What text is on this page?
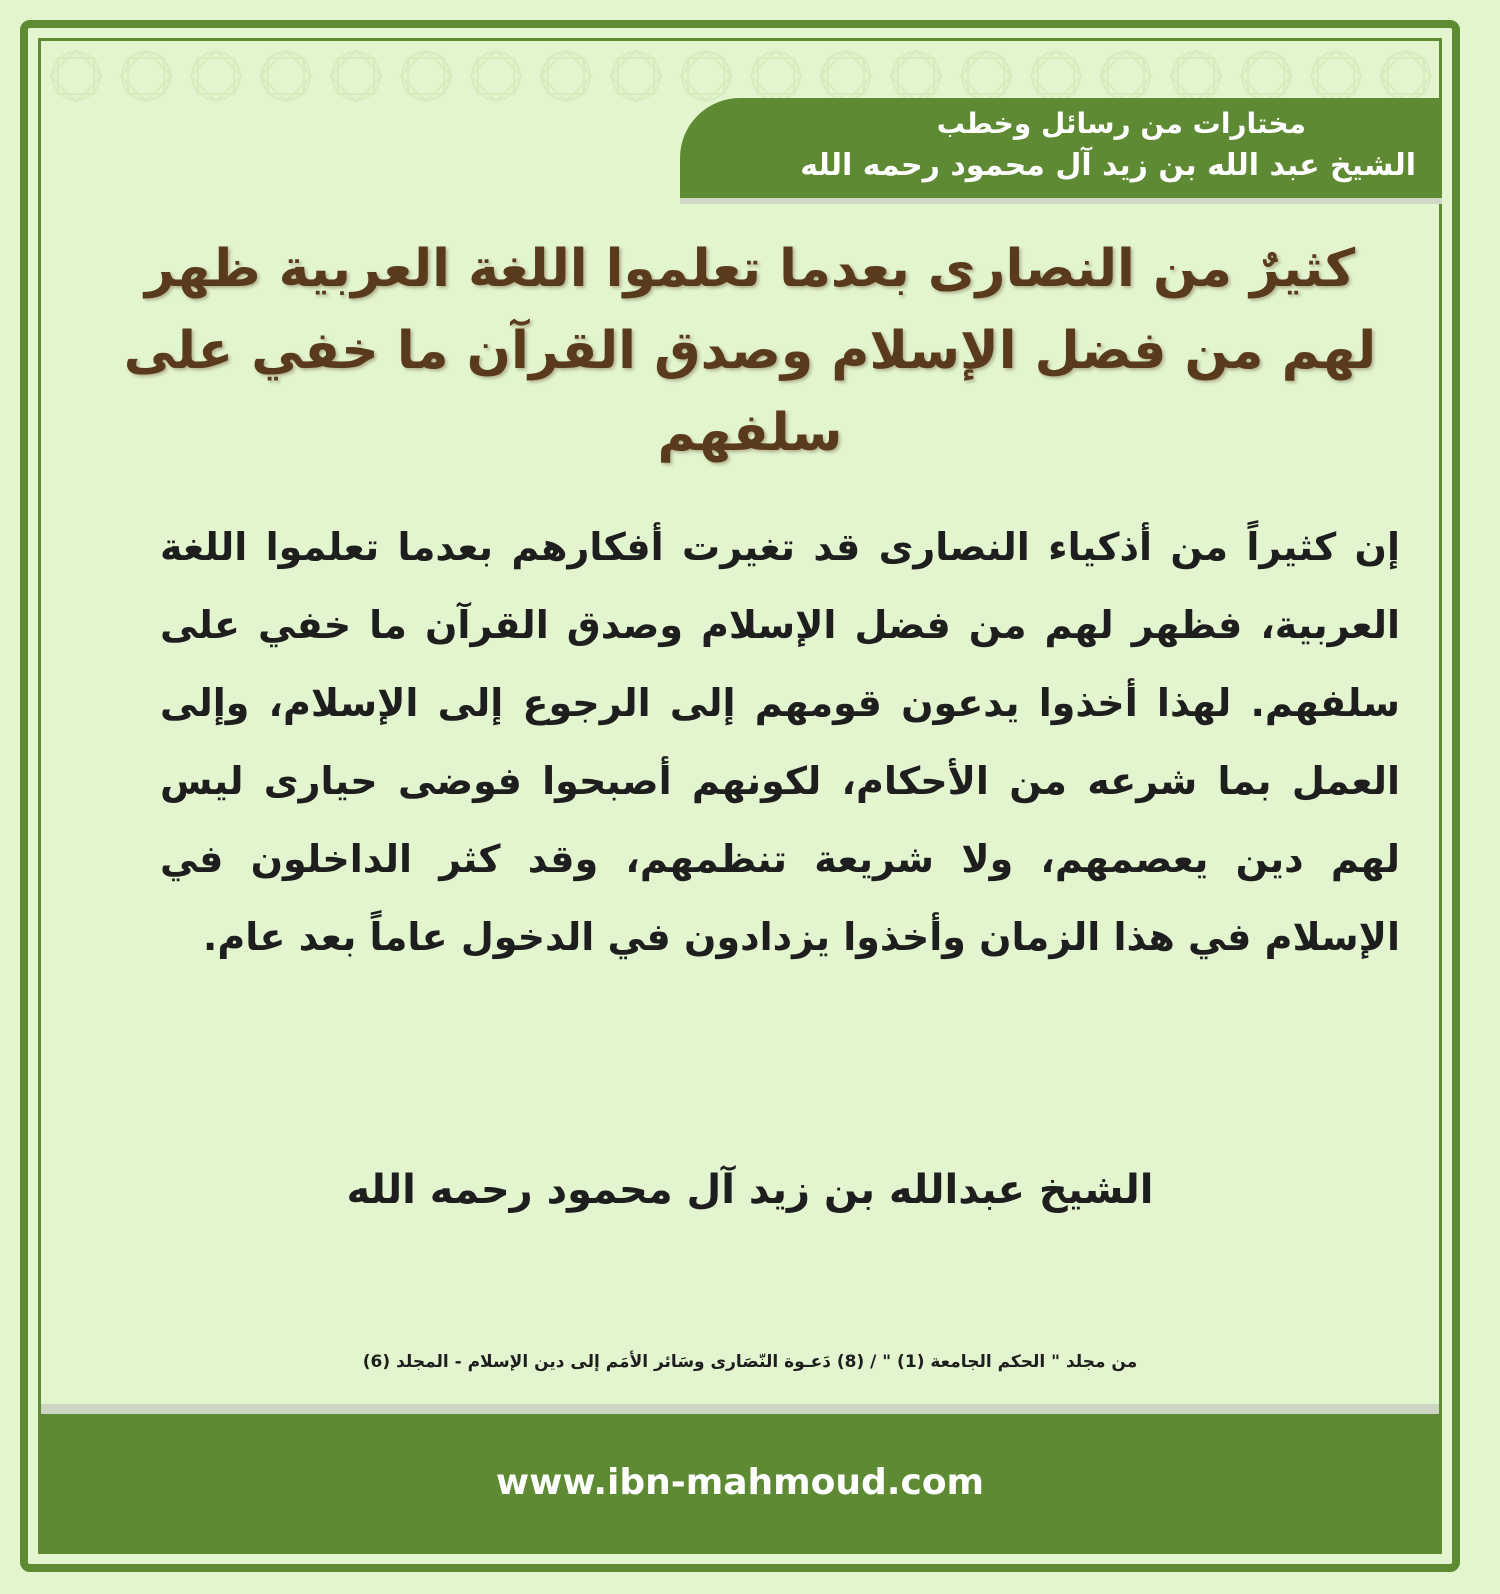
مختارات من رسائل وخطب
الشيخ عبد الله بن زيد آل محمود رحمه الله
كثيرٌ من النصارى بعدما تعلموا اللغة العربية ظهر لهم من فضل الإسلام وصدق القرآن ما خفي على سلفهم

إن كثيراً من أذكياء النصارى قد تغيرت أفكارهم بعدما تعلموا اللغة العربية، فظهر لهم من فضل الإسلام وصدق القرآن ما خفي على سلفهم. لهذا أخذوا يدعون قومهم إلى الرجوع إلى الإسلام، وإلى العمل بما شرعه من الأحكام، لكونهم أصبحوا فوضى حيارى ليس لهم دين يعصمهم، ولا شريعة تنظمهم، وقد كثر الداخلون في الإسلام في هذا الزمان وأخذوا يزدادون في الدخول عاماً بعد عام.

الشيخ عبدالله بن زيد آل محمود رحمه الله

من مجلد " الحكم الجامعة (1) " / (8) دَعـوة النّصَارى وسَائر الأمَم إلى دين الإسلام - المجلد (6)

www.ibn-mahmoud.com
